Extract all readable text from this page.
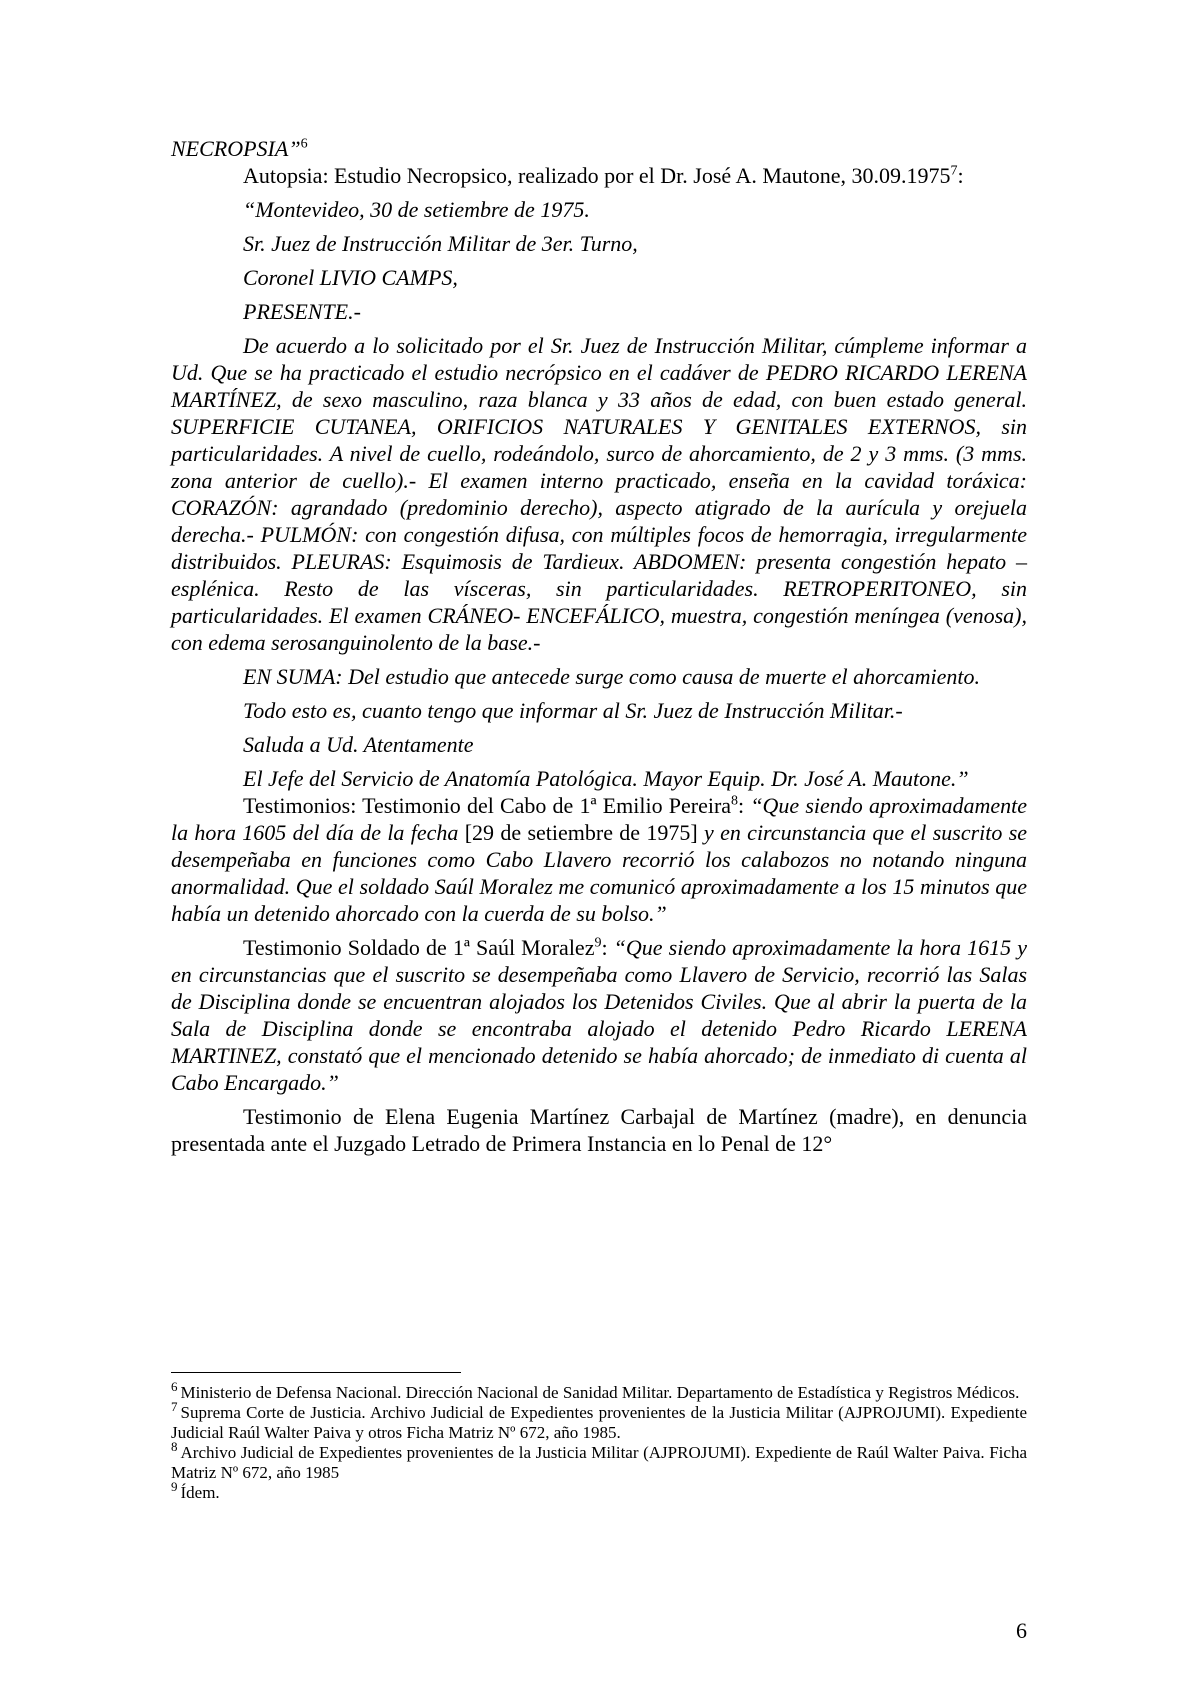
NECROPSIA”$^6$

Autopsia: Estudio Necropsico, realizado por el Dr. José A. Mautone, 30.09.1975$^7$:

“Montevideo, 30 de setiembre de 1975.

Sr. Juez de Instrucción Militar de 3er. Turno,

Coronel LIVIO CAMPS,

PRESENTE.-

De acuerdo a lo solicitado por el Sr. Juez de Instrucción Militar, cúmpleme informar a Ud. Que se ha practicado el estudio necrópsico en el cadáver de PEDRO RICARDO LERENA MARTÍNEZ, de sexo masculino, raza blanca y 33 años de edad, con buen estado general. SUPERFICIE CUTANEA, ORIFICIOS NATURALES Y GENITALES EXTERNOS, sin particularidades. A nivel de cuello, rodeándolo, surco de ahorcamiento, de 2 y 3 mms. (3 mms. zona anterior de cuello).- El examen interno practicado, enseña en la cavidad toráxica: CORAZÓN: agrandado (predominio derecho), aspecto atigrado de la aurícula y orejuela derecha.- PULMÓN: con congestión difusa, con múltiples focos de hemorragia, irregularmente distribuidos. PLEURAS: Esquimosis de Tardieux. ABDOMEN: presenta congestión hepato – esplénica. Resto de las vísceras, sin particularidades. RETROPERITONEO, sin particularidades. El examen CRÁNEO- ENCEFÁLICO, muestra, congestión meníngea (venosa), con edema serosanguinolento de la base.-

EN SUMA: Del estudio que antecede surge como causa de muerte el ahorcamiento.

Todo esto es, cuanto tengo que informar al Sr. Juez de Instrucción Militar.-

Saluda a Ud. Atentamente

El Jefe del Servicio de Anatomía Patológica. Mayor Equip. Dr. José A. Mautone.”

Testimonios: Testimonio del Cabo de 1ª Emilio Pereira$^8$: “Que siendo aproximadamente la hora 1605 del día de la fecha [29 de setiembre de 1975] y en circunstancia que el suscrito se desempeñaba en funciones como Cabo Llavero recorrió los calabozos no notando ninguna anormalidad. Que el soldado Saúl Moralez me comunicó aproximadamente a los 15 minutos que había un detenido ahorcado con la cuerda de su bolso.”

Testimonio Soldado de 1ª Saúl Moralez$^9$: “Que siendo aproximadamente la hora 1615 y en circunstancias que el suscrito se desempeñaba como Llavero de Servicio, recorrió las Salas de Disciplina donde se encuentran alojados los Detenidos Civiles. Que al abrir la puerta de la Sala de Disciplina donde se encontraba alojado el detenido Pedro Ricardo LERENA MARTINEZ, constató que el mencionado detenido se había ahorcado; de inmediato di cuenta al Cabo Encargado.”

Testimonio de Elena Eugenia Martínez Carbajal de Martínez (madre), en denuncia presentada ante el Juzgado Letrado de Primera Instancia en lo Penal de 12°

$^6$ Ministerio de Defensa Nacional. Dirección Nacional de Sanidad Militar. Departamento de Estadística y Registros Médicos.

$^7$ Suprema Corte de Justicia. Archivo Judicial de Expedientes provenientes de la Justicia Militar (AJPROJUMI). Expediente Judicial Raúl Walter Paiva y otros Ficha Matriz Nº 672, año 1985.

$^8$ Archivo Judicial de Expedientes provenientes de la Justicia Militar (AJPROJUMI). Expediente de Raúl Walter Paiva. Ficha Matriz Nº 672, año 1985

$^9$ Ídem.

6
